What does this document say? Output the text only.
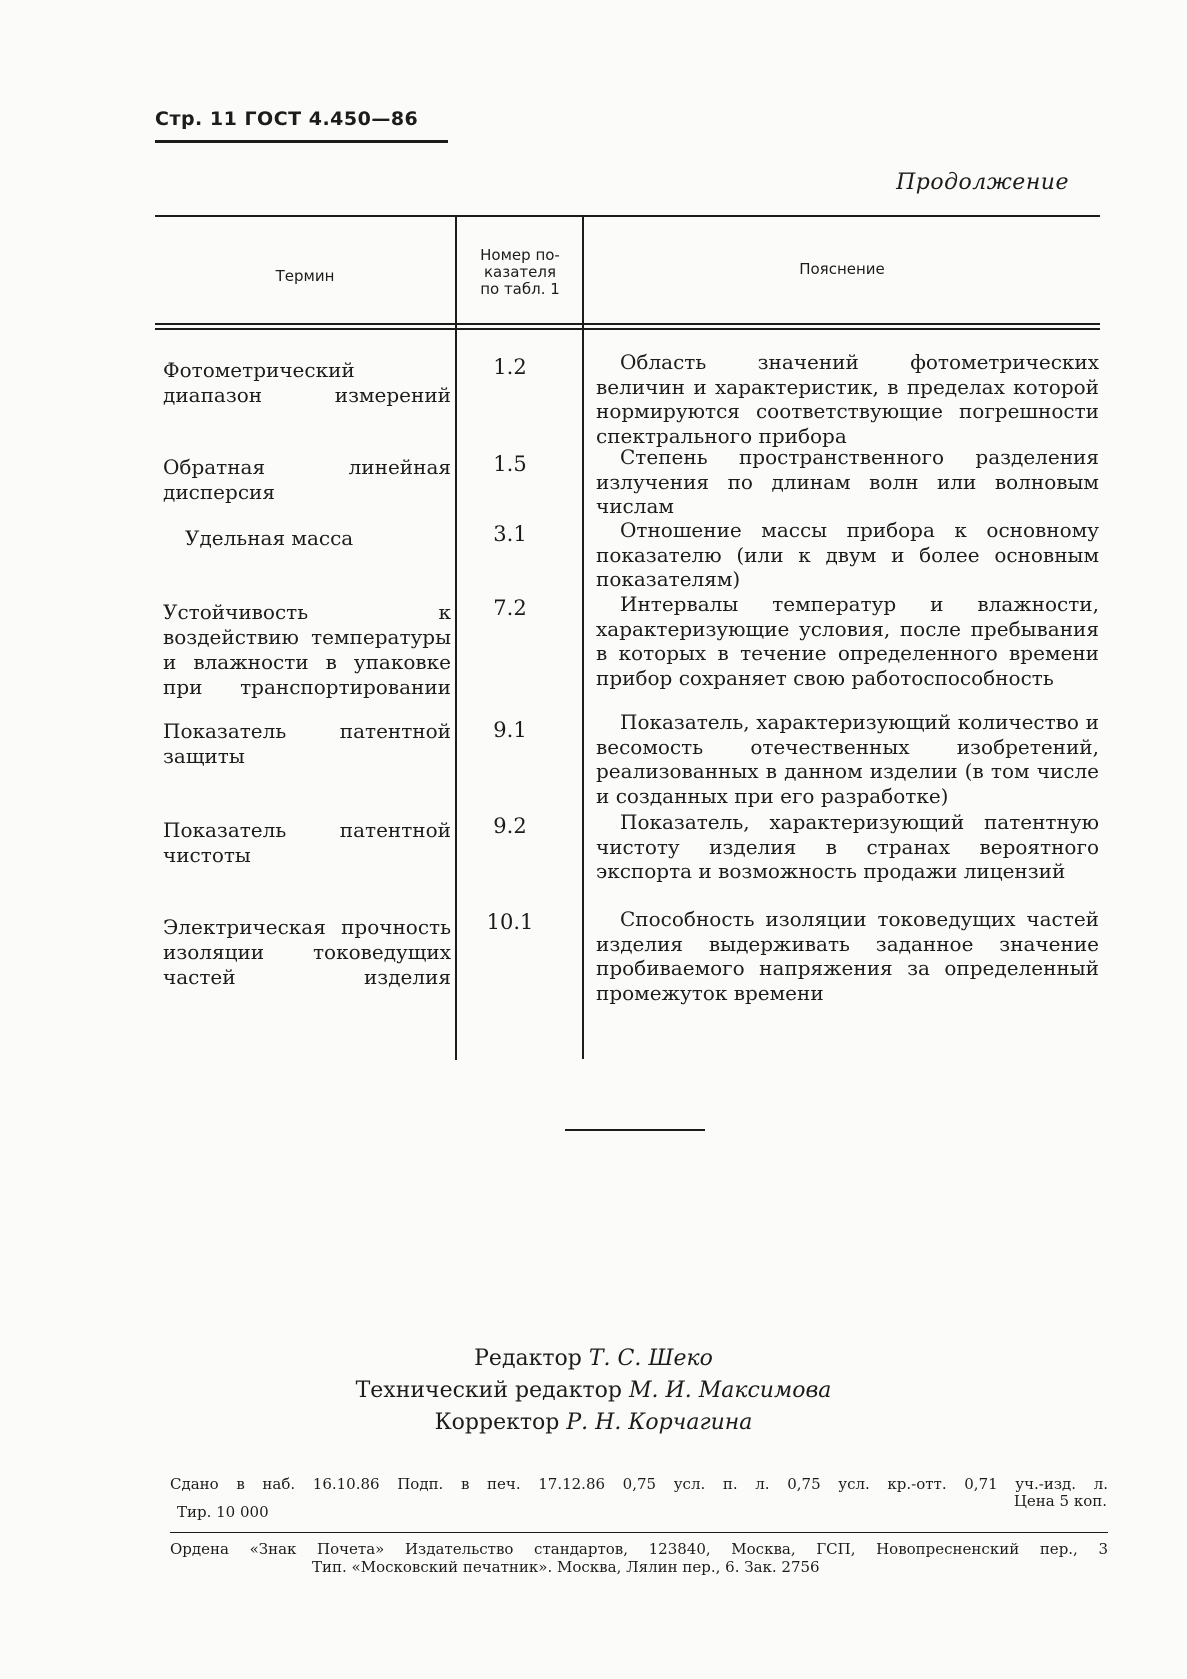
Стр. 11 ГОСТ 4.450—86
Продолжение
Термин
Номер по-
казателя
по табл. 1
Пояснение
Фотометрический диапазон измерений
1.2	Область значений фотометрических величин и характеристик, в пределах которой нормируются соответствующие погрешности спектрального прибора

Обратная линейная дисперсия
1.5	Степень пространственного разделения излучения по длинам волн или волновым числам

Удельная масса	3.1	Отношение массы прибора к основному показателю (или к двум и более основным показателям)

Устойчивость к воздействию температуры и влажности в упаковке при транспортировании
7.2	Интервалы температур и влажности, характеризующие условия, после пребывания в которых в течение определенного времени прибор сохраняет свою работоспособность

Показатель патентной защиты
9.1	Показатель, характеризующий количество и весомость отечественных изобретений, реализованных в данном изделии (в том числе и созданных при его разработке)

Показатель патентной чистоты
9.2	Показатель, характеризующий патентную чистоту изделия в странах вероятного экспорта и возможность продажи лицензий

Электрическая прочность изоляции токоведущих частей изделия
10.1	Способность изоляции токоведущих частей изделия выдерживать заданное значение пробиваемого напряжения за определенный промежуток времени

Редактор Т. С. Шеко
Технический редактор М. И. Максимова
Корректор Р. Н. Корчагина
Сдано в наб. 16.10.86 Подп. в печ. 17.12.86 0,75 усл. п. л. 0,75 усл. кр.-отт. 0,71 уч.-изд. л.
Цена 5 коп.
Тир. 10 000
Ордена «Знак Почета» Издательство стандартов, 123840, Москва, ГСП, Новопресненский пер., 3
Тип. «Московский печатник». Москва, Лялин пер., 6. Зак. 2756
